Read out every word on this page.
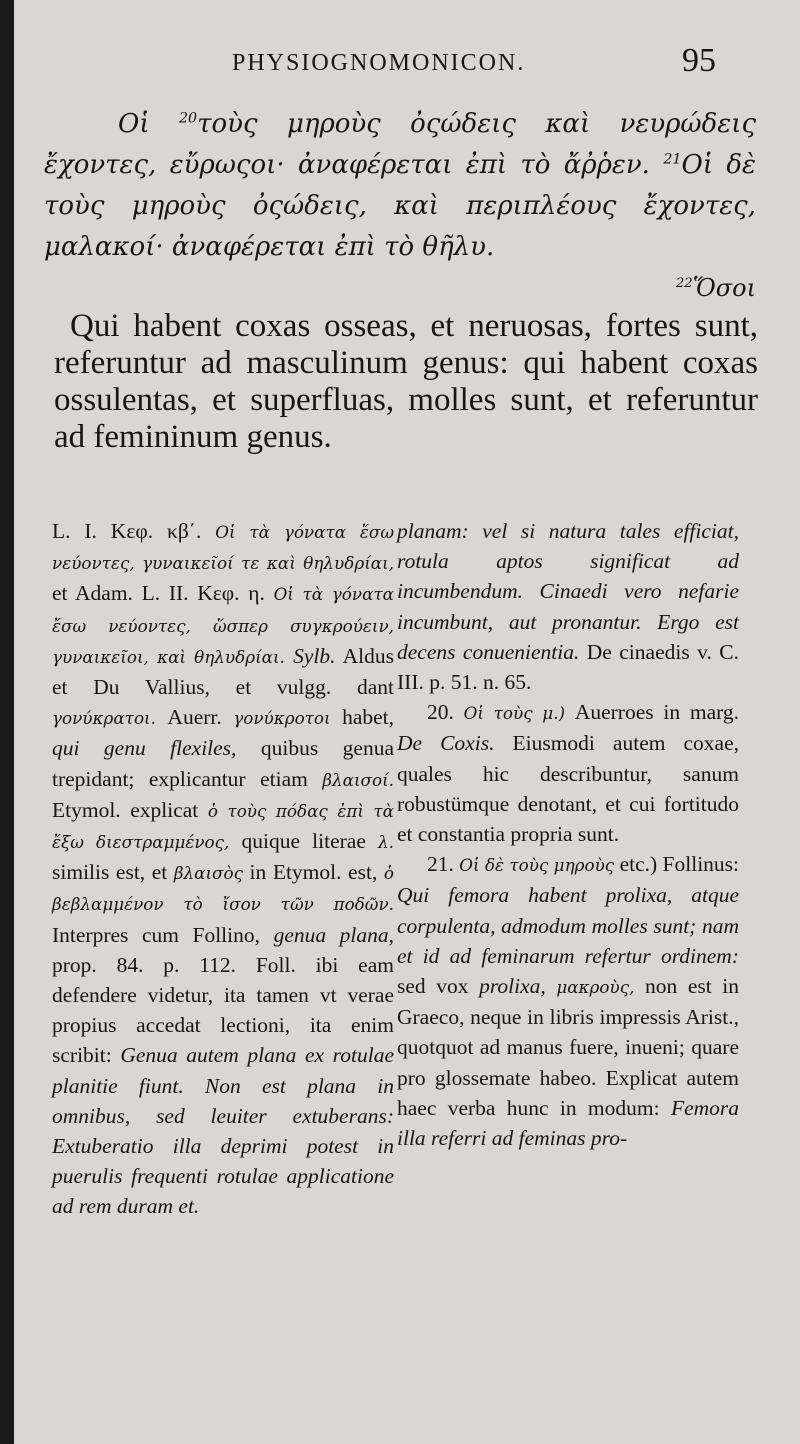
PHYSIOGNOMONICON.	95

Οἱ $^{20}$τοὺς μηροὺς ὀςώδεις καὶ νευρώδεις ἔχοντες, εὔρωςοι· ἀναφέρεται ἐπὶ τὸ ἄῤῥεν. $^{21}$Οἱ δὲ τοὺς μηροὺς ὀςώδεις, καὶ περιπλέους ἔχοντες, μαλακοί· ἀναφέρεται ἐπὶ τὸ θῆλυ.

$^{22}$Ὅσοι

Qui habent coxas osseas, et neruosas, fortes sunt, referuntur ad masculinum genus: qui habent coxas ossulentas, et superfluas, molles sunt, et referuntur ad femininum genus.

L. I. Κεφ. κβ΄. Οἱ τὰ γόνατα ἔσω νεύοντες, γυναικεῖοί τε καὶ θηλυδρίαι, et Adam. L. II. Κεφ. η. Οἱ τὰ γόνατα ἔσω νεύοντες, ὥσπερ συγκρούειν, γυναικεῖοι, καὶ θηλυδρίαι. Sylb. Aldus et Du Vallius, et vulgg. dant γονύκρατοι. Auerr. γονύκροτοι habet, qui genu flexiles, quibus genua trepidant; explicantur etiam βλαισοί. Etymol. explicat ὁ τοὺς πόδας ἐπὶ τὰ ἔξω διεστραμμένος, quique literae λ. similis est, et βλαισὸς in Etymol. est, ὁ βεβλαμμένον τὸ ἴσον τῶν ποδῶν. Interpres cum Follino, genua plana, prop. 84. p. 112. Foll. ibi eam defendere videtur, ita tamen vt verae propius accedat lectioni, ita enim scribit: Genua autem plana ex rotulae planitie fiunt. Non est plana in omnibus, sed leuiter extuberans: Extuberatio illa deprimi potest in puerulis frequenti rotulae applicatione ad rem duram et.

planam: vel si natura tales efficiat, rotula aptos significat ad incumbendum. Cinaedi vero nefarie incumbunt, aut pronantur. Ergo est decens conuenientia. De cinaedis v. C. III. p. 51. n. 65.

20. Οἱ τοὺς μ.) Auerroes in marg. De Coxis. Eiusmodi autem coxae, quales hic describuntur, sanum robustümque denotant, et cui fortitudo et constantia propria sunt.

21. Οἱ δὲ τοὺς μηροὺς etc.) Follinus: Qui femora habent prolixa, atque corpulenta, admodum molles sunt; nam et id ad feminarum refertur ordinem: sed vox prolixa, μακροὺς, non est in Graeco, neque in libris impressis Arist., quotquot ad manus fuere, inueni; quare pro glossemate habeo. Explicat autem haec verba hunc in modum: Femora illa referri ad feminas pro-
